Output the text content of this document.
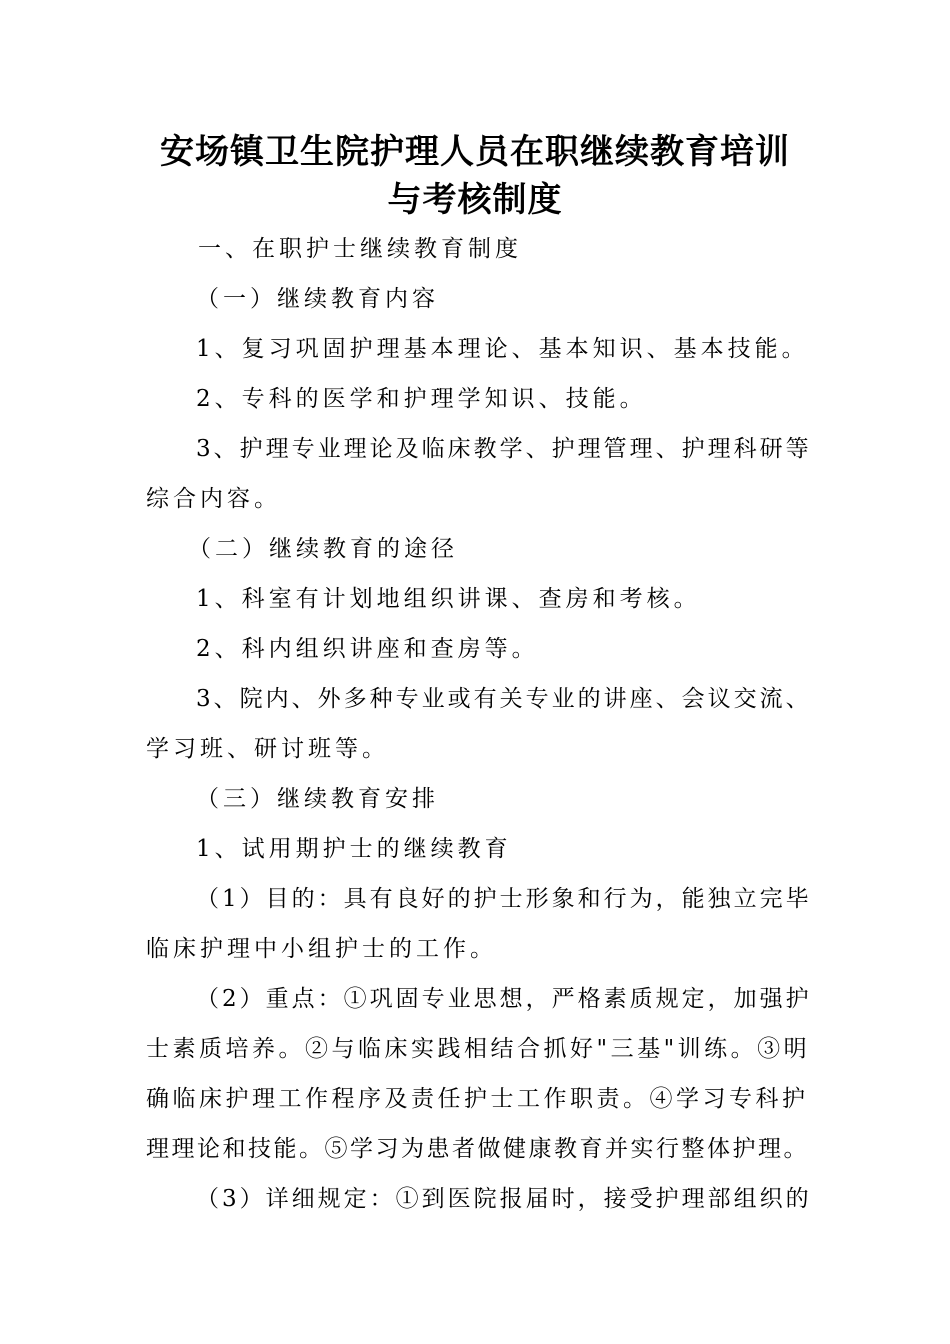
安场镇卫生院护理人员在职继续教育培训
与考核制度
一、在职护士继续教育制度
（一）继续教育内容
1、复习巩固护理基本理论、基本知识、基本技能。
2、专科的医学和护理学知识、技能。
3、护理专业理论及临床教学、护理管理、护理科研等
综合内容。
（二）继续教育的途径
1、科室有计划地组织讲课、查房和考核。
2、科内组织讲座和查房等。
3、院内、外多种专业或有关专业的讲座、会议交流、
学习班、研讨班等。
（三）继续教育安排
1、试用期护士的继续教育
（1）目的：具有良好的护士形象和行为，能独立完毕
临床护理中小组护士的工作。
（2）重点：①巩固专业思想，严格素质规定，加强护
士素质培养。②与临床实践相结合抓好"三基"训练。③明
确临床护理工作程序及责任护士工作职责。④学习专科护
理理论和技能。⑤学习为患者做健康教育并实行整体护理。
（3）详细规定：①到医院报届时，接受护理部组织的
